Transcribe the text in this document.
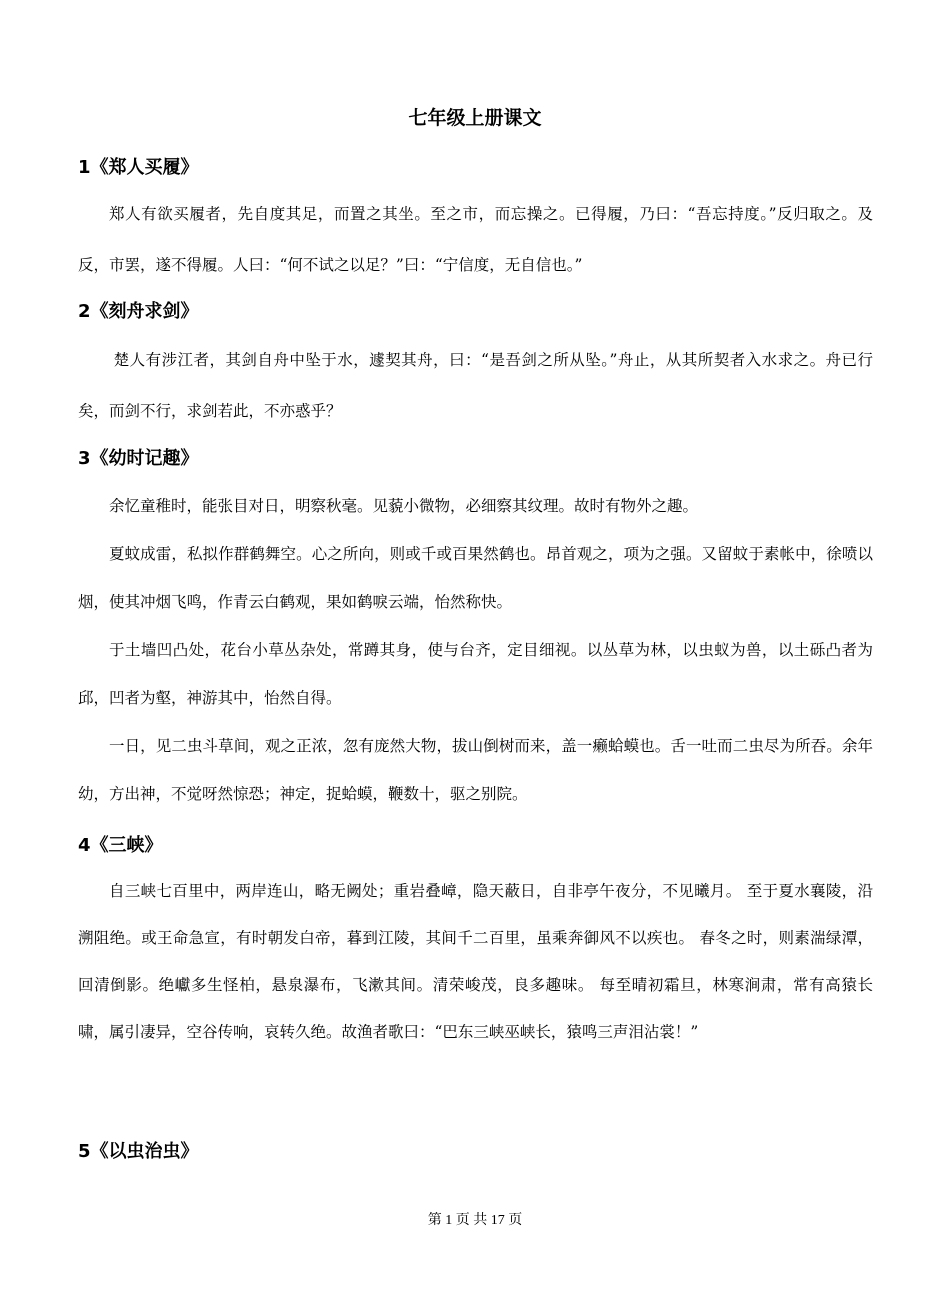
七年级上册课文
1《郑人买履》
郑人有欲买履者，先自度其足，而置之其坐。至之市，而忘操之。已得履，乃曰：“吾忘持度。”反归取之。及反，市罢，遂不得履。人曰：“何不试之以足？”曰：“宁信度，无自信也。”
2《刻舟求剑》
楚人有涉江者，其剑自舟中坠于水，遽契其舟，曰：“是吾剑之所从坠。”舟止，从其所契者入水求之。舟已行矣，而剑不行，求剑若此，不亦惑乎？
3《幼时记趣》
余忆童稚时，能张目对日，明察秋毫。见藐小微物，必细察其纹理。故时有物外之趣。
夏蚊成雷，私拟作群鹤舞空。心之所向，则或千或百果然鹤也。昂首观之，项为之强。又留蚊于素帐中，徐喷以烟，使其冲烟飞鸣，作青云白鹤观，果如鹤唳云端，怡然称快。
于土墙凹凸处，花台小草丛杂处，常蹲其身，使与台齐，定目细视。以丛草为林，以虫蚁为兽，以土砾凸者为邱，凹者为壑，神游其中，怡然自得。
一日，见二虫斗草间，观之正浓，忽有庞然大物，拔山倒树而来，盖一癞蛤蟆也。舌一吐而二虫尽为所吞。余年幼，方出神，不觉呀然惊恐；神定，捉蛤蟆，鞭数十，驱之别院。
4《三峡》
自三峡七百里中，两岸连山，略无阙处；重岩叠嶂，隐天蔽日，自非亭午夜分，不见曦月。 至于夏水襄陵，沿溯阻绝。或王命急宣，有时朝发白帝，暮到江陵，其间千二百里，虽乘奔御风不以疾也。 春冬之时，则素湍绿潭，回清倒影。绝巘多生怪柏，悬泉瀑布，飞漱其间。清荣峻茂，良多趣味。 每至晴初霜旦，林寒涧肃，常有高猿长啸，属引凄异，空谷传响，哀转久绝。故渔者歌曰：“巴东三峡巫峡长，猿鸣三声泪沾裳！”
5《以虫治虫》
第 1 页 共 17 页
